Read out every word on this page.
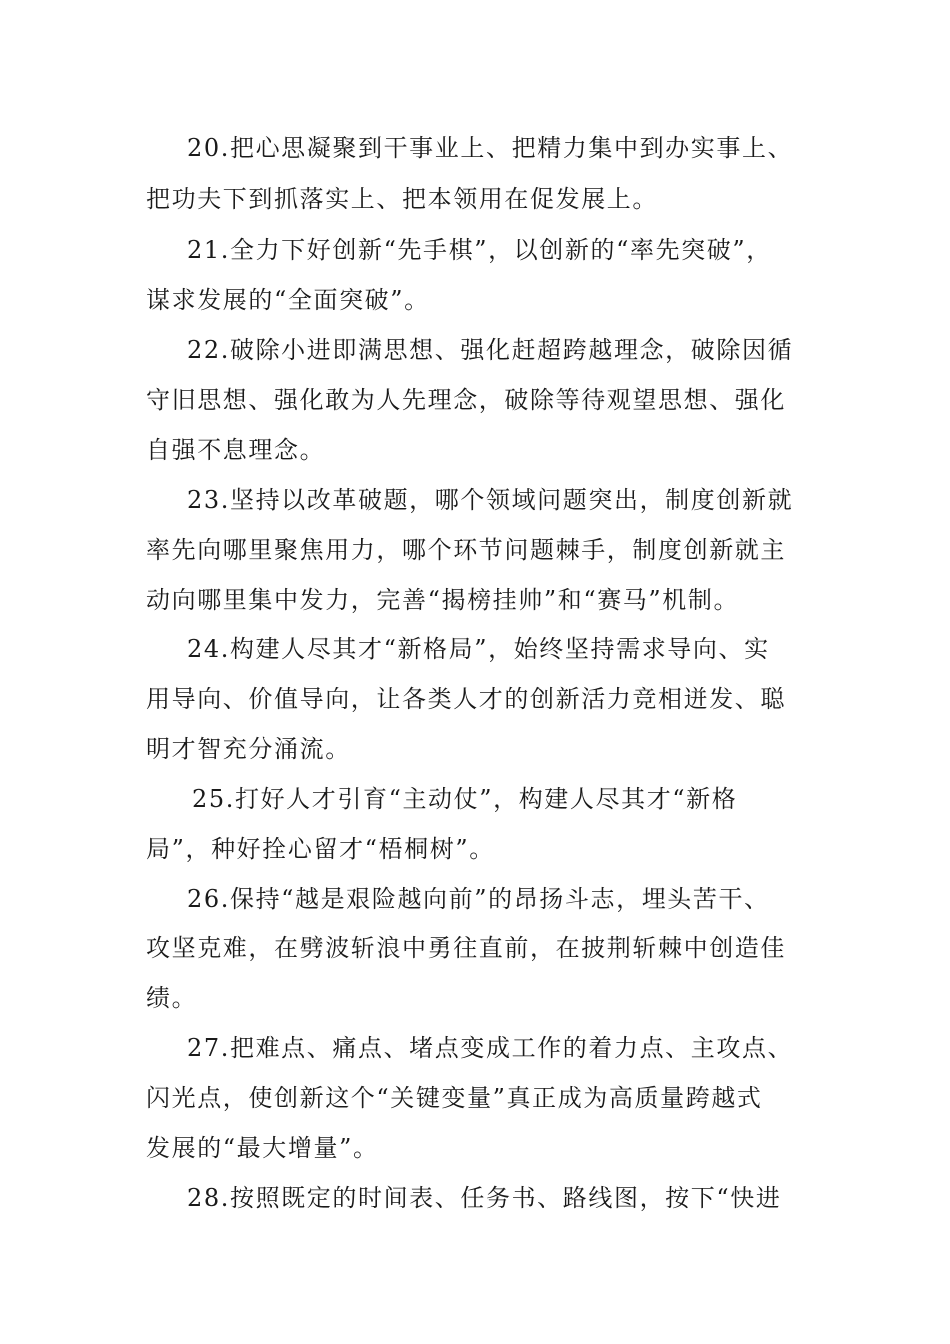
20.把心思凝聚到干事业上、把精力集中到办实事上、
把功夫下到抓落实上、把本领用在促发展上。
21.全力下好创新“先手棋”，以创新的“率先突破”，
谋求发展的“全面突破”。
22.破除小进即满思想、强化赶超跨越理念，破除因循
守旧思想、强化敢为人先理念，破除等待观望思想、强化
自强不息理念。
23.坚持以改革破题，哪个领域问题突出，制度创新就
率先向哪里聚焦用力，哪个环节问题棘手，制度创新就主
动向哪里集中发力，完善“揭榜挂帅”和“赛马”机制。
24.构建人尽其才“新格局”，始终坚持需求导向、实
用导向、价值导向，让各类人才的创新活力竞相迸发、聪
明才智充分涌流。
25.打好人才引育“主动仗”，构建人尽其才“新格
局”，种好拴心留才“梧桐树”。
26.保持“越是艰险越向前”的昂扬斗志，埋头苦干、
攻坚克难，在劈波斩浪中勇往直前，在披荆斩棘中创造佳
绩。
27.把难点、痛点、堵点变成工作的着力点、主攻点、
闪光点，使创新这个“关键变量”真正成为高质量跨越式
发展的“最大增量”。
28.按照既定的时间表、任务书、路线图，按下“快进
